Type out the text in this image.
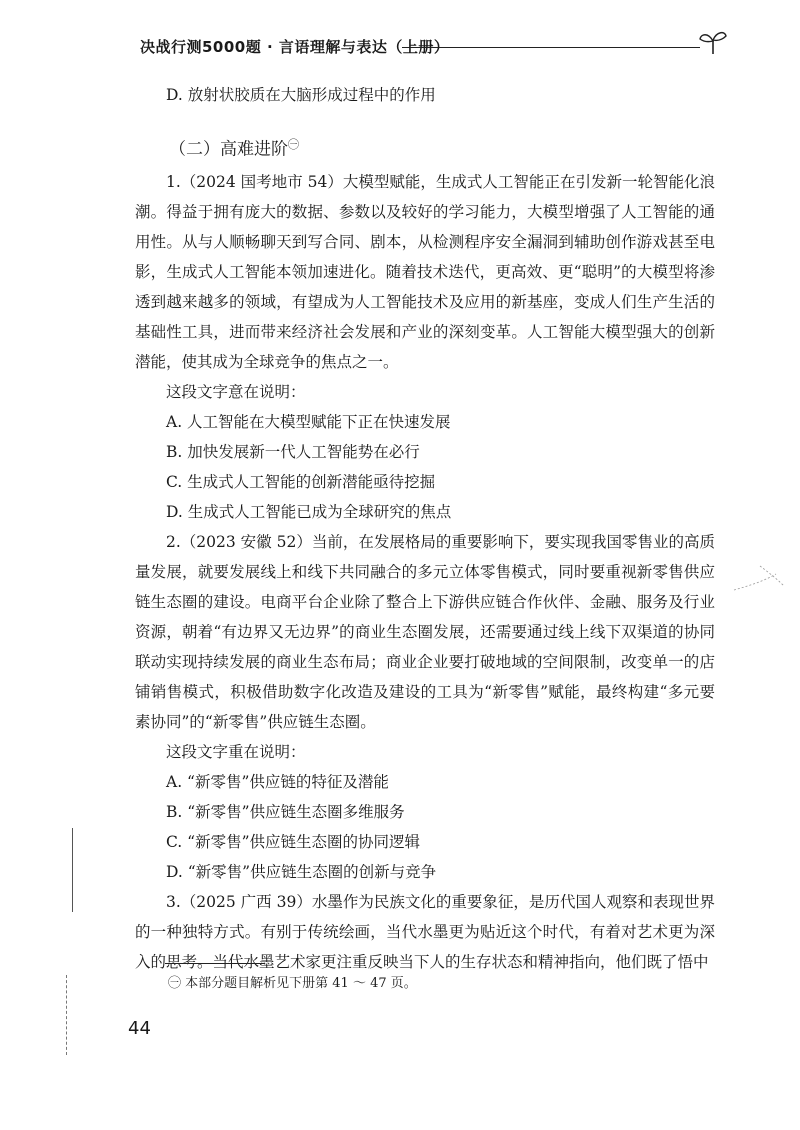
决战行测5000题 · 言语理解与表达（上册）

D. 放射状胶质在大脑形成过程中的作用

（二）高难进阶$^㊀$

1.（2024 国考地市 54）大模型赋能，生成式人工智能正在引发新一轮智能化浪潮。得益于拥有庞大的数据、参数以及较好的学习能力，大模型增强了人工智能的通用性。从与人顺畅聊天到写合同、剧本，从检测程序安全漏洞到辅助创作游戏甚至电影，生成式人工智能本领加速进化。随着技术迭代，更高效、更“聪明”的大模型将渗透到越来越多的领域，有望成为人工智能技术及应用的新基座，变成人们生产生活的基础性工具，进而带来经济社会发展和产业的深刻变革。人工智能大模型强大的创新潜能，使其成为全球竞争的焦点之一。

这段文字意在说明：

A. 人工智能在大模型赋能下正在快速发展

B. 加快发展新一代人工智能势在必行

C. 生成式人工智能的创新潜能亟待挖掘

D. 生成式人工智能已成为全球研究的焦点

2.（2023 安徽 52）当前，在发展格局的重要影响下，要实现我国零售业的高质量发展，就要发展线上和线下共同融合的多元立体零售模式，同时要重视新零售供应链生态圈的建设。电商平台企业除了整合上下游供应链合作伙伴、金融、服务及行业资源，朝着“有边界又无边界”的商业生态圈发展，还需要通过线上线下双渠道的协同联动实现持续发展的商业生态布局；商业企业要打破地域的空间限制，改变单一的店铺销售模式，积极借助数字化改造及建设的工具为“新零售”赋能，最终构建“多元要素协同”的“新零售”供应链生态圈。

这段文字重在说明：

A. “新零售”供应链的特征及潜能

B. “新零售”供应链生态圈多维服务

C. “新零售”供应链生态圈的协同逻辑

D. “新零售”供应链生态圈的创新与竞争

3.（2025 广西 39）水墨作为民族文化的重要象征，是历代国人观察和表现世界的一种独特方式。有别于传统绘画，当代水墨更为贴近这个时代，有着对艺术更为深入的思考。当代水墨艺术家更注重反映当下人的生存状态和精神指向，他们既了悟中

㊀ 本部分题目解析见下册第 41 ～ 47 页。
44
